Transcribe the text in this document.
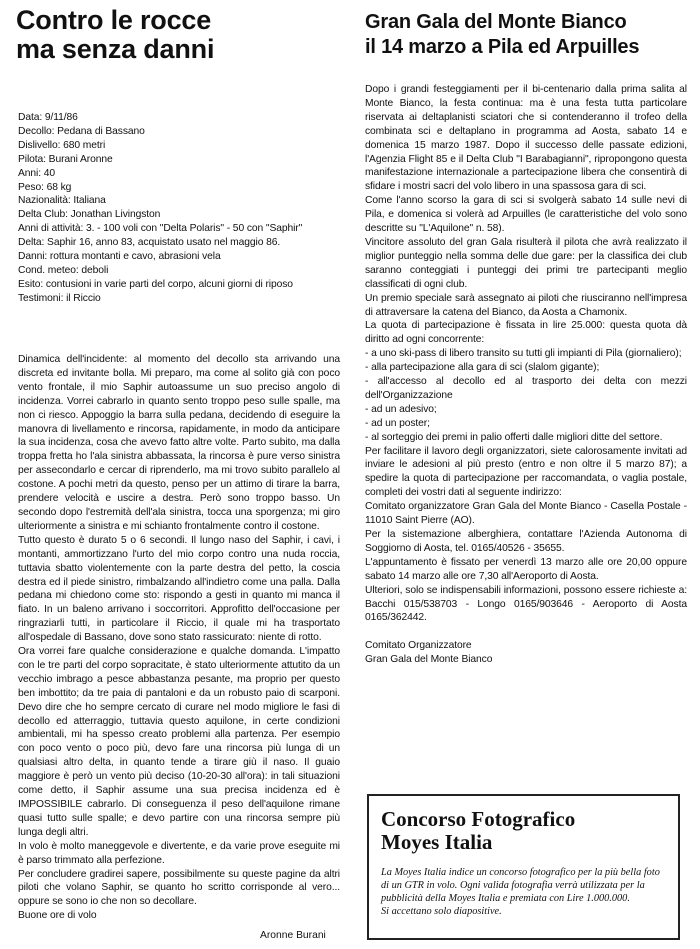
Contro le rocce
ma senza danni
Data: 9/11/86
Decollo: Pedana di Bassano
Dislivello: 680 metri
Pilota: Burani Aronne
Anni: 40
Peso: 68 kg
Nazionalità: Italiana
Delta Club: Jonathan Livingston
Anni di attività: 3. - 100 voli con "Delta Polaris" - 50 con "Saphir"
Delta: Saphir 16, anno 83, acquistato usato nel maggio 86.
Danni: rottura montanti e cavo, abrasioni vela
Cond. meteo: deboli
Esito: contusioni in varie parti del corpo, alcuni giorni di riposo
Testimoni: il Riccio

Dinamica dell'incidente: al momento del decollo sta arrivando una discreta ed invitante bolla. Mi preparo, ma come al solito già con poco vento frontale, il mio Saphir autoassume un suo preciso angolo di incidenza. Vorrei cabrarlo in quanto sento troppo peso sulle spalle, ma non ci riesco. Appoggio la barra sulla pedana, decidendo di eseguire la manovra di livellamento e rincorsa, rapidamente, in modo da anticipare la sua incidenza, cosa che avevo fatto altre volte. Parto subito, ma dalla troppa fretta ho l'ala sinistra abbassata, la rincorsa è pure verso sinistra per assecondarlo e cercar di riprenderlo, ma mi trovo subito parallelo al costone. A pochi metri da questo, penso per un attimo di tirare la barra, prendere velocità e uscire a destra. Però sono troppo basso. Un secondo dopo l'estremità dell'ala sinistra, tocca una sporgenza; mi giro ulteriormente a sinistra e mi schianto frontalmente contro il costone.

Tutto questo è durato 5 o 6 secondi. Il lungo naso del Saphir, i cavi, i montanti, ammortizzano l'urto del mio corpo contro una nuda roccia, tuttavia sbatto violentemente con la parte destra del petto, la coscia destra ed il piede sinistro, rimbalzando all'indietro come una palla. Dalla pedana mi chiedono come sto: rispondo a gesti in quanto mi manca il fiato. In un baleno arrivano i soccorritori. Approfitto dell'occasione per ringraziarli tutti, in particolare il Riccio, il quale mi ha trasportato all'ospedale di Bassano, dove sono stato rassicurato: niente di rotto.

Ora vorrei fare qualche considerazione e qualche domanda. L'impatto con le tre parti del corpo sopracitate, è stato ulteriormente attutito da un vecchio imbrago a pesce abbastanza pesante, ma proprio per questo ben imbottito; da tre paia di pantaloni e da un robusto paio di scarponi. Devo dire che ho sempre cercato di curare nel modo migliore le fasi di decollo ed atterraggio, tuttavia questo aquilone, in certe condizioni ambientali, mi ha spesso creato problemi alla partenza. Per esempio con poco vento o poco più, devo fare una rincorsa più lunga di un qualsiasi altro delta, in quanto tende a tirare giù il naso. Il guaio maggiore è però un vento più deciso (10-20-30 all'ora): in tali situazioni come detto, il Saphir assume una sua precisa incidenza ed è IMPOSSIBILE cabrarlo. Di conseguenza il peso dell'aquilone rimane quasi tutto sulle spalle; e devo partire con una rincorsa sempre più lunga degli altri.

In volo è molto maneggevole e divertente, e da varie prove eseguite mi è parso trimmato alla perfezione.

Per concludere gradirei sapere, possibilmente su queste pagine da altri piloti che volano Saphir, se quanto ho scritto corrisponde al vero... oppure se sono io che non so decollare.

Buone ore di volo

Aronne Burani
Gran Gala del Monte Bianco
il 14 marzo a Pila ed Arpuilles

Dopo i grandi festeggiamenti per il bi-centenario dalla prima salita al Monte Bianco, la festa continua: ma è una festa tutta particolare riservata ai deltaplanisti sciatori che si contenderanno il trofeo della combinata sci e deltaplano in programma ad Aosta, sabato 14 e domenica 15 marzo 1987. Dopo il successo delle passate edizioni, l'Agenzia Flight 85 e il Delta Club "I Barabagianni", ripropongono questa manifestazione internazionale a partecipazione libera che consentirà di sfidare i mostri sacri del volo libero in una spassosa gara di sci.

Come l'anno scorso la gara di sci si svolgerà sabato 14 sulle nevi di Pila, e domenica si volerà ad Arpuilles (le caratteristiche del volo sono descritte su "L'Aquilone" n. 58).

Vincitore assoluto del gran Gala risulterà il pilota che avrà realizzato il miglior punteggio nella somma delle due gare: per la classifica dei club saranno conteggiati i punteggi dei primi tre partecipanti meglio classificati di ogni club.

Un premio speciale sarà assegnato ai piloti che riusciranno nell'impresa di attraversare la catena del Bianco, da Aosta a Chamonix.

La quota di partecipazione è fissata in lire 25.000: questa quota dà diritto ad ogni concorrente:

- a uno ski-pass di libero transito su tutti gli impianti di Pila (giornaliero);

- alla partecipazione alla gara di sci (slalom gigante);

- all'accesso al decollo ed al trasporto dei delta con mezzi dell'Organizzazione

- ad un adesivo;

- ad un poster;

- al sorteggio dei premi in palio offerti dalle migliori ditte del settore.

Per facilitare il lavoro degli organizzatori, siete calorosamente invitati ad inviare le adesioni al più presto (entro e non oltre il 5 marzo 87); a spedire la quota di partecipazione per raccomandata, o vaglia postale, completi dei vostri dati al seguente indirizzo:

Comitato organizzatore Gran Gala del Monte Bianco - Casella Postale - 11010 Saint Pierre (AO).

Per la sistemazione alberghiera, contattare l'Azienda Autonoma di Soggiorno di Aosta, tel. 0165/40526 - 35655.

L'appuntamento è fissato per venerdì 13 marzo alle ore 20,00 oppure sabato 14 marzo alle ore 7,30 all'Aeroporto di Aosta.

Ulteriori, solo se indispensabili informazioni, possono essere richieste a: Bacchi 015/538703 - Longo 0165/903646 - Aeroporto di Aosta 0165/362442.

Comitato Organizzatore

Gran Gala del Monte Bianco

Concorso Fotografico
Moyes Italia
La Moyes Italia indice un concorso fotografico per la più bella foto di un GTR in volo. Ogni valida fotografia verrà utilizzata per la pubblicità della Moyes Italia e premiata con Lire 1.000.000.
Si accettano solo diapositive.
